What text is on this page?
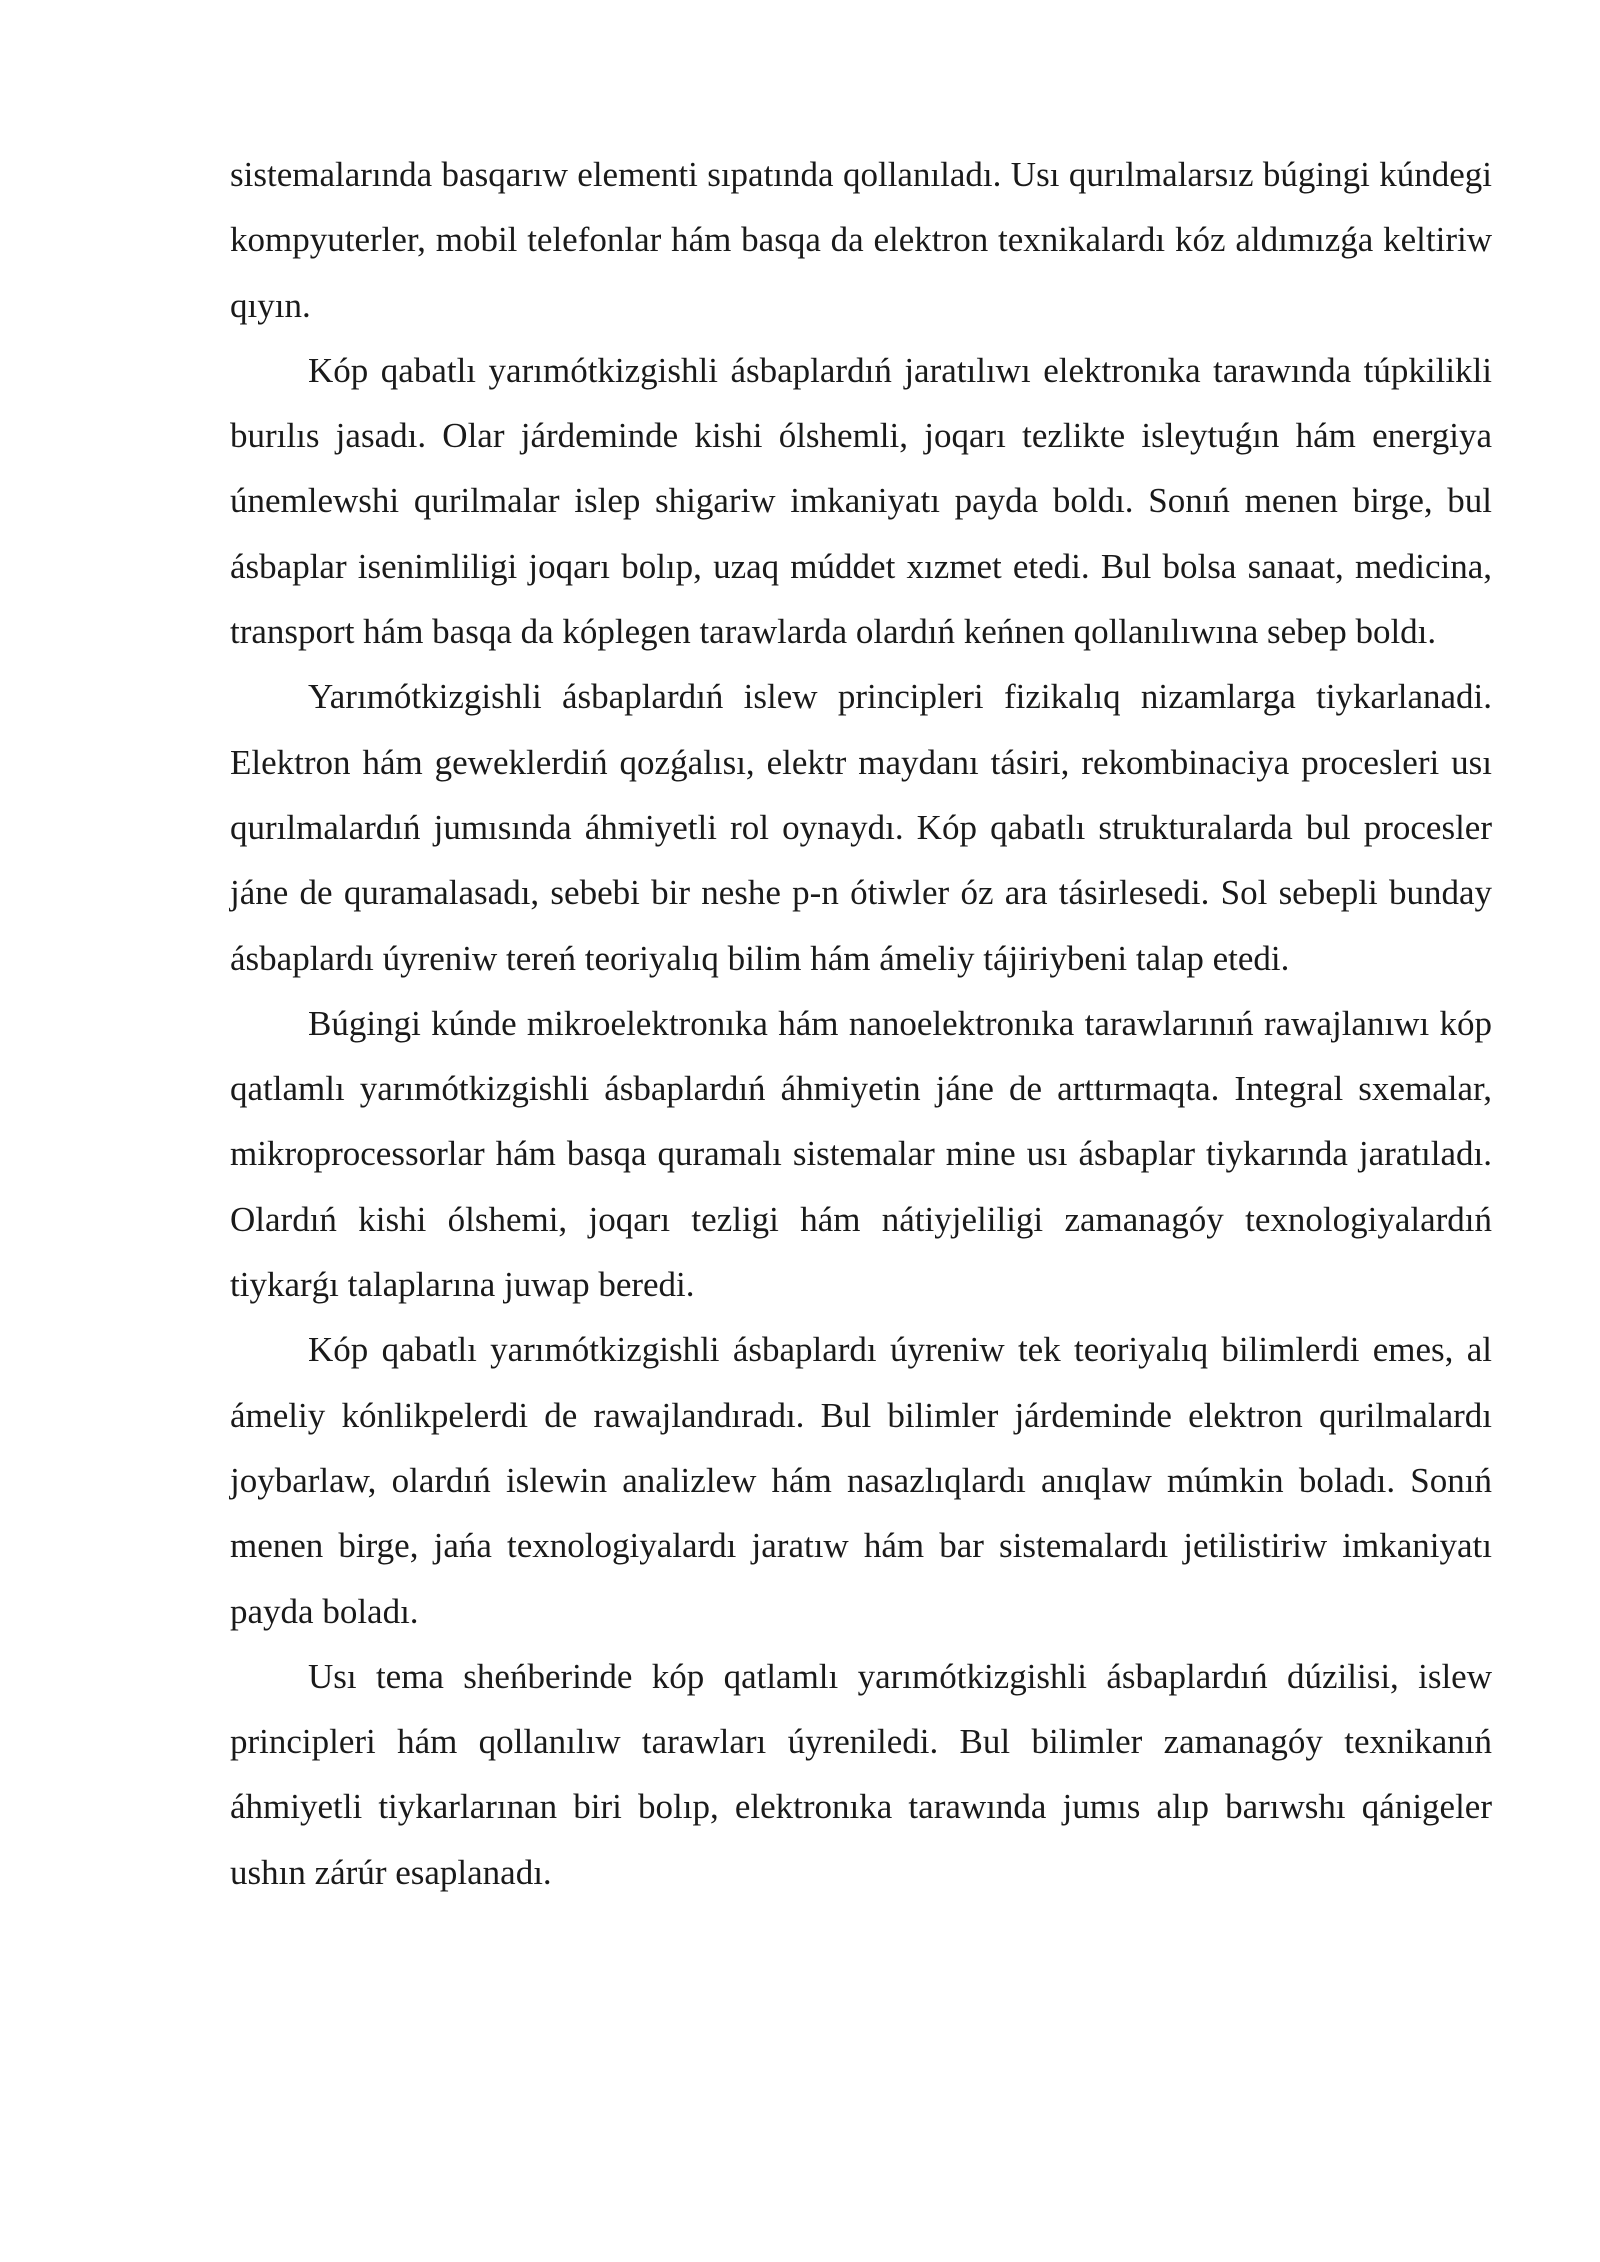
sistemalarında basqarıw elementi sıpatında qollanıladı. Usı qurılmalarsız búgingi kúndegi kompyuterler, mobil telefonlar hám basqa da elektron texnikalardı kóz aldımızǵa keltiriw qıyın.

Kóp qabatlı yarımótkizgishli ásbaplardıń jaratılıwı elektronıka tarawında túpkilikli burılıs jasadı. Olar járdeminde kishi ólshemli, joqarı tezlikte isleytuǵın hám energiya únemlewshi qurilmalar islep shigariw imkaniyatı payda boldı. Sonıń menen birge, bul ásbaplar isenimliligi joqarı bolıp, uzaq múddet xızmet etedi. Bul bolsa sanaat, medicina, transport hám basqa da kóplegen tarawlarda olardıń keńnen qollanılıwına sebep boldı.

Yarımótkizgishli ásbaplardıń islew principleri fizikalıq nizamlarga tiykarlanadi. Elektron hám geweklerdiń qozǵalısı, elektr maydanı tásiri, rekombinaciya procesleri usı qurılmalardıń jumısında áhmiyetli rol oynaydı. Kóp qabatlı strukturalarda bul procesler jáne de quramalasadı, sebebi bir neshe p-n ótiwler óz ara tásirlesedi. Sol sebepli bunday ásbaplardı úyreniw tereń teoriyalıq bilim hám ámeliy tájiriybeni talap etedi.

Búgingi kúnde mikroelektronıka hám nanoelektronıka tarawlarınıń rawajlanıwı kóp qatlamlı yarımótkizgishli ásbaplardıń áhmiyetin jáne de arttırmaqta. Integral sxemalar, mikroprocessorlar hám basqa quramalı sistemalar mine usı ásbaplar tiykarında jaratıladı. Olardıń kishi ólshemi, joqarı tezligi hám nátiyjeliligi zamanagóy texnologiyalardıń tiykarǵı talaplarına juwap beredi.

Kóp qabatlı yarımótkizgishli ásbaplardı úyreniw tek teoriyalıq bilimlerdi emes, al ámeliy kónlikpelerdi de rawajlandıradı. Bul bilimler járdeminde elektron qurilmalardı joybarlaw, olardıń islewin analizlew hám nasazlıqlardı anıqlaw múmkin boladı. Sonıń menen birge, jańa texnologiyalardı jaratıw hám bar sistemalardı jetilistiriw imkaniyatı payda boladı.

Usı tema sheńberinde kóp qatlamlı yarımótkizgishli ásbaplardıń dúzilisi, islew principleri hám qollanılıw tarawları úyreniledi. Bul bilimler zamanagóy texnikanıń áhmiyetli tiykarlarınan biri bolıp, elektronıka tarawında jumıs alıp barıwshı qánigeler ushın zárúr esaplanadı.
